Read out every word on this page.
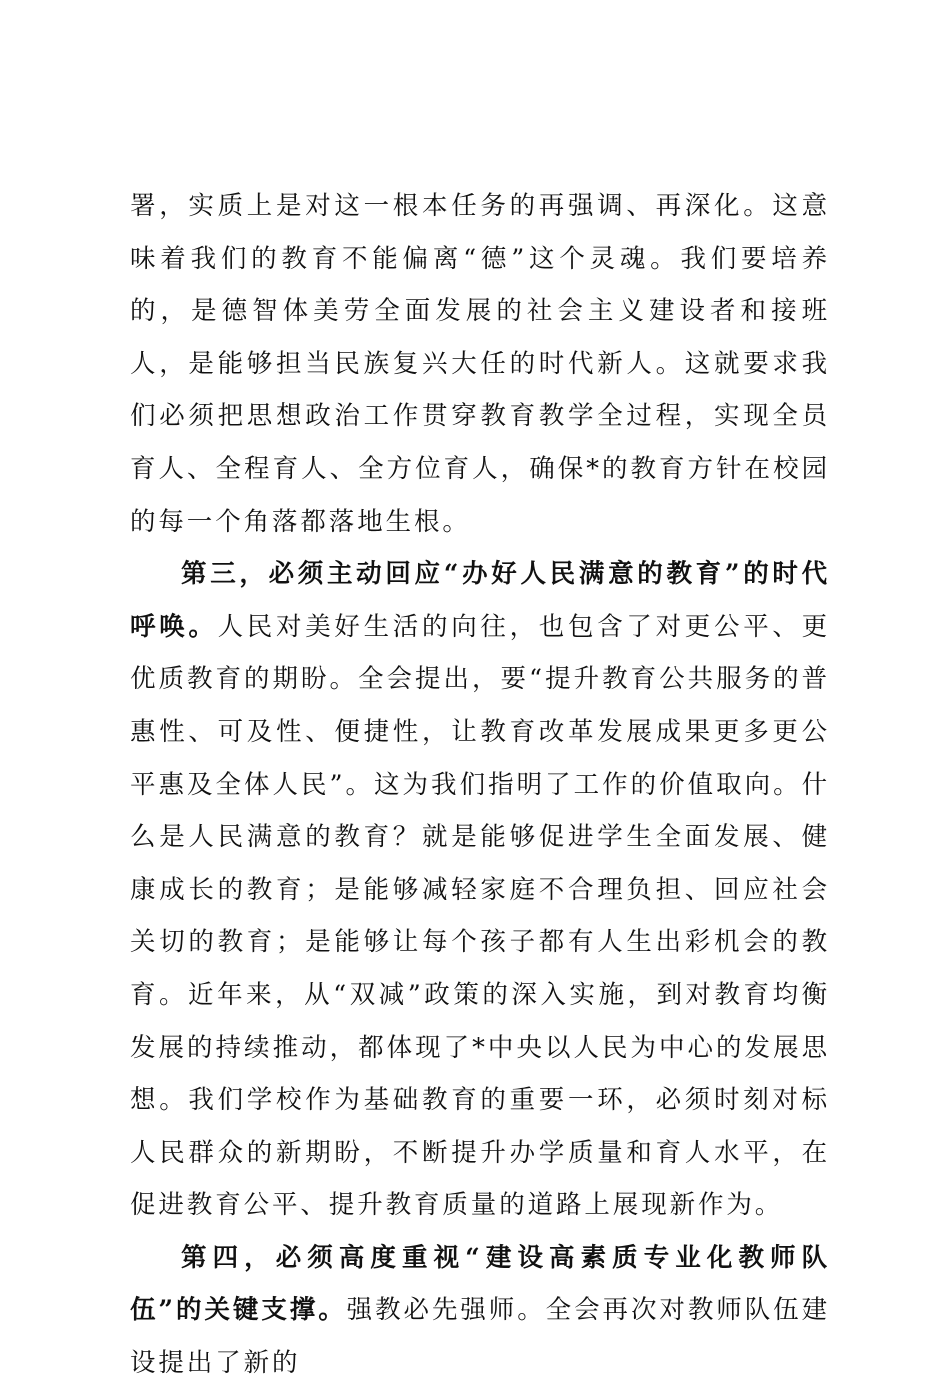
署，实质上是对这一根本任务的再强调、再深化。这意味着我们的教育不能偏离“德”这个灵魂。我们要培养的，是德智体美劳全面发展的社会主义建设者和接班人，是能够担当民族复兴大任的时代新人。这就要求我们必须把思想政治工作贯穿教育教学全过程，实现全员育人、全程育人、全方位育人，确保*的教育方针在校园的每一个角落都落地生根。

第三，必须主动回应“办好人民满意的教育”的时代呼唤。人民对美好生活的向往，也包含了对更公平、更优质教育的期盼。全会提出，要“提升教育公共服务的普惠性、可及性、便捷性，让教育改革发展成果更多更公平惠及全体人民”。这为我们指明了工作的价值取向。什么是人民满意的教育？就是能够促进学生全面发展、健康成长的教育；是能够减轻家庭不合理负担、回应社会关切的教育；是能够让每个孩子都有人生出彩机会的教育。近年来，从“双减”政策的深入实施，到对教育均衡发展的持续推动，都体现了*中央以人民为中心的发展思想。我们学校作为基础教育的重要一环，必须时刻对标人民群众的新期盼，不断提升办学质量和育人水平，在促进教育公平、提升教育质量的道路上展现新作为。

第四，必须高度重视“建设高素质专业化教师队伍”的关键支撑。强教必先强师。全会再次对教师队伍建设提出了新的
